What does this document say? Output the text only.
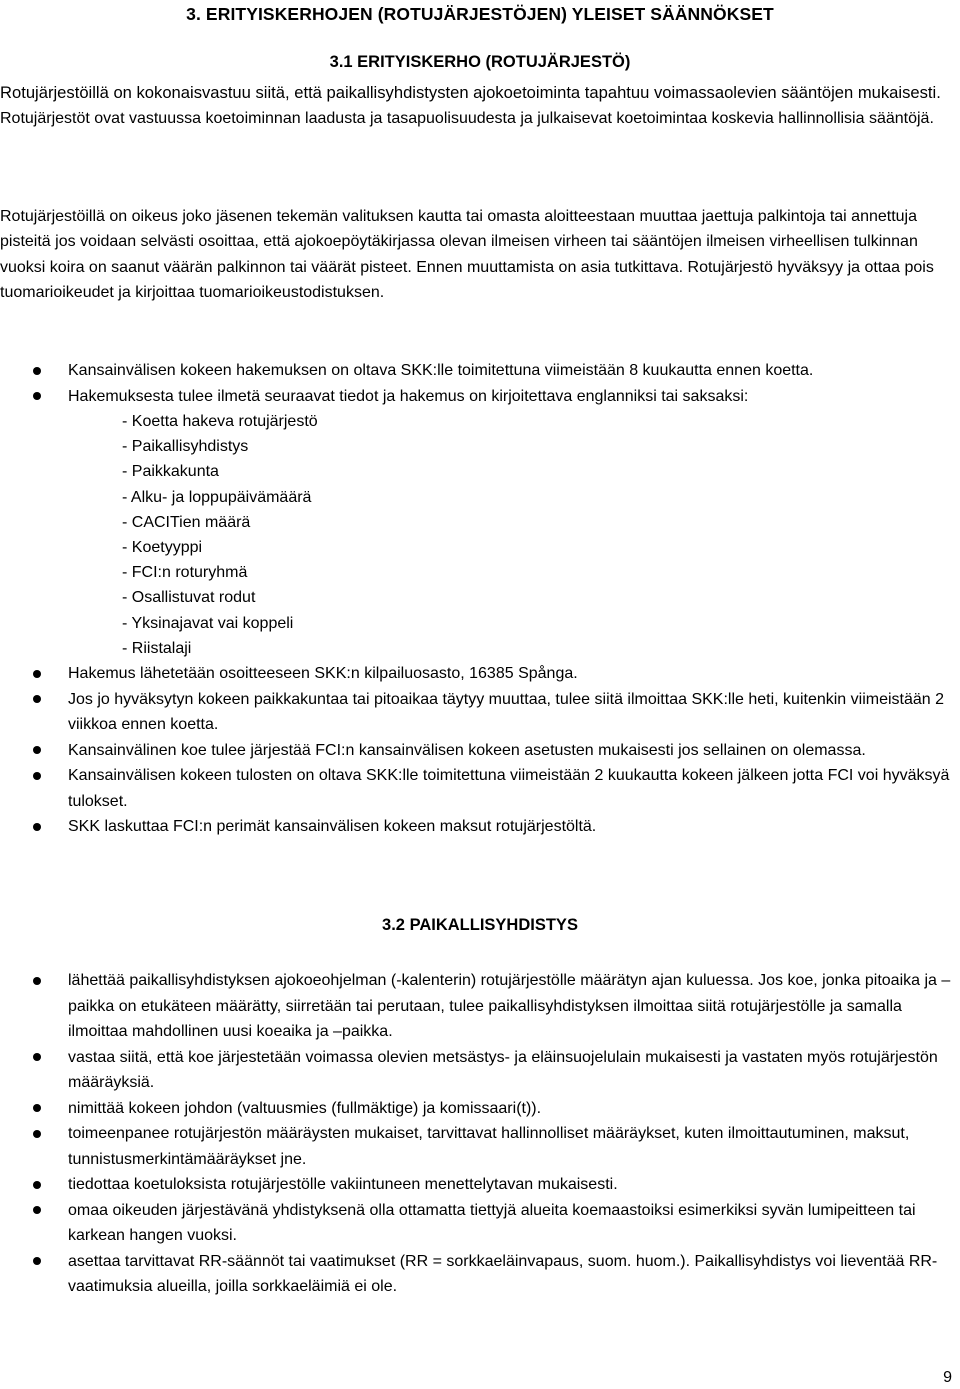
3. ERITYISKERHOJEN (ROTUJÄRJESTÖJEN) YLEISET SÄÄNNÖKSET
3.1 ERITYISKERHO (ROTUJÄRJESTÖ)

Rotujärjestöillä on kokonaisvastuu siitä, että paikallisyhdistysten ajokoetoiminta tapahtuu voimassaolevien sääntöjen mukaisesti. Rotujärjestöt ovat vastuussa koetoiminnan laadusta ja tasapuolisuudesta ja julkaisevat koetoimintaa koskevia hallinnollisia sääntöjä.

Rotujärjestöillä on oikeus joko jäsenen tekemän valituksen kautta tai omasta aloitteestaan muuttaa jaettuja palkintoja tai annettuja pisteitä jos voidaan selvästi osoittaa, että ajokoepöytäkirjassa olevan ilmeisen virheen tai sääntöjen ilmeisen virheellisen tulkinnan vuoksi koira on saanut väärän palkinnon tai väärät pisteet. Ennen muuttamista on asia tutkittava. Rotujärjestö hyväksyy ja ottaa pois tuomarioikeudet ja kirjoittaa tuomarioikeustodistuksen.

Kansainvälisen kokeen hakemuksen on oltava SKK:lle toimitettuna viimeistään 8 kuukautta ennen koetta.
Hakemuksesta tulee ilmetä seuraavat tiedot ja hakemus on kirjoitettava englanniksi tai saksaksi:
- Koetta hakeva rotujärjestö
- Paikallisyhdistys
- Paikkakunta
- Alku- ja loppupäivämäärä
- CACITien määrä
- Koetyyppi
- FCI:n roturyhmä
- Osallistuvat rodut
- Yksinajavat vai koppeli
- Riistalaji
Hakemus lähetetään osoitteeseen SKK:n kilpailuosasto, 16385 Spånga.
Jos jo hyväksytyn kokeen paikkakuntaa tai pitoaikaa täytyy muuttaa, tulee siitä ilmoittaa SKK:lle heti, kuitenkin viimeistään 2 viikkoa ennen koetta.
Kansainvälinen koe tulee järjestää FCI:n kansainvälisen kokeen asetusten mukaisesti jos sellainen on olemassa.
Kansainvälisen kokeen tulosten on oltava SKK:lle toimitettuna viimeistään 2 kuukautta kokeen jälkeen jotta FCI voi hyväksyä tulokset.
SKK laskuttaa FCI:n perimät kansainvälisen kokeen maksut rotujärjestöltä.
3.2 PAIKALLISYHDISTYS
lähettää paikallisyhdistyksen ajokoeohjelman (-kalenterin) rotujärjestölle määrätyn ajan kuluessa. Jos koe, jonka pitoaika ja –paikka on etukäteen määrätty, siirretään tai perutaan, tulee paikallisyhdistyksen ilmoittaa siitä rotujärjestölle ja samalla ilmoittaa mahdollinen uusi koeaika ja –paikka.
vastaa siitä, että koe järjestetään voimassa olevien metsästys- ja eläinsuojelulain mukaisesti ja vastaten myös rotujärjestön määräyksiä.
nimittää kokeen johdon (valtuusmies (fullmäktige) ja komissaari(t)).
toimeenpanee rotujärjestön määräysten mukaiset, tarvittavat hallinnolliset määräykset, kuten ilmoittautuminen, maksut, tunnistusmerkintämääräykset jne.
tiedottaa koetuloksista rotujärjestölle vakiintuneen menettelytavan mukaisesti.
omaa oikeuden järjestävänä yhdistyksenä olla ottamatta tiettyjä alueita koemaastoiksi esimerkiksi syvän lumipeitteen tai karkean hangen vuoksi.
asettaa tarvittavat RR-säännöt tai vaatimukset (RR = sorkkaeläinvapaus, suom. huom.). Paikallisyhdistys voi lieventää RR-vaatimuksia alueilla, joilla sorkkaeläimiä ei ole.
9
